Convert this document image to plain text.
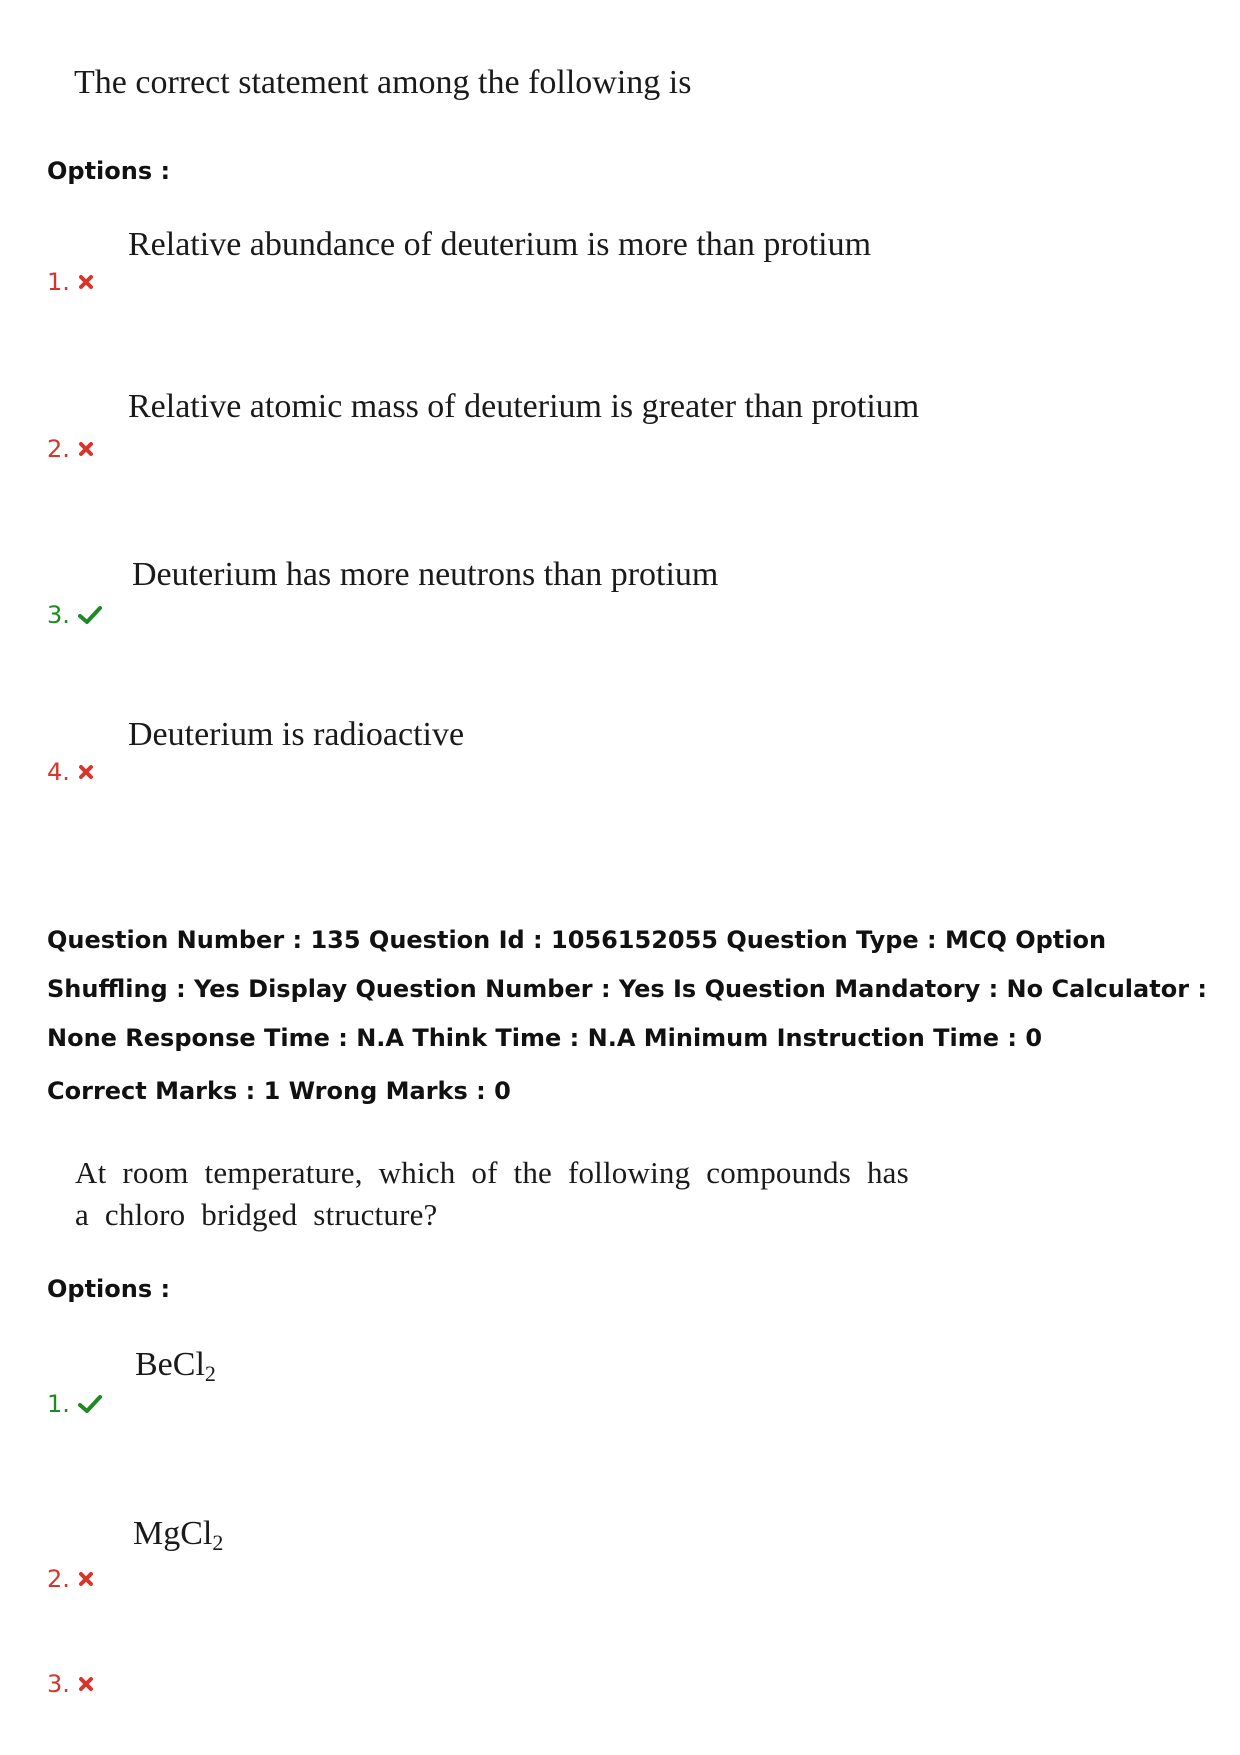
The correct statement among the following is
Options :
Relative abundance of deuterium is more than protium
1.
Relative atomic mass of deuterium is greater than protium
2.
Deuterium has more neutrons than protium
3.
Deuterium is radioactive
4.
Question Number : 135 Question Id : 1056152055 Question Type : MCQ Option Shuffling : Yes Display Question Number : Yes Is Question Mandatory : No Calculator : None Response Time : N.A Think Time : N.A Minimum Instruction Time : 0
Correct Marks : 1 Wrong Marks : 0
At room temperature, which of the following compounds has a chloro bridged structure?
Options :
BeCl$_2$
1.
MgCl$_2$
2.
3.
